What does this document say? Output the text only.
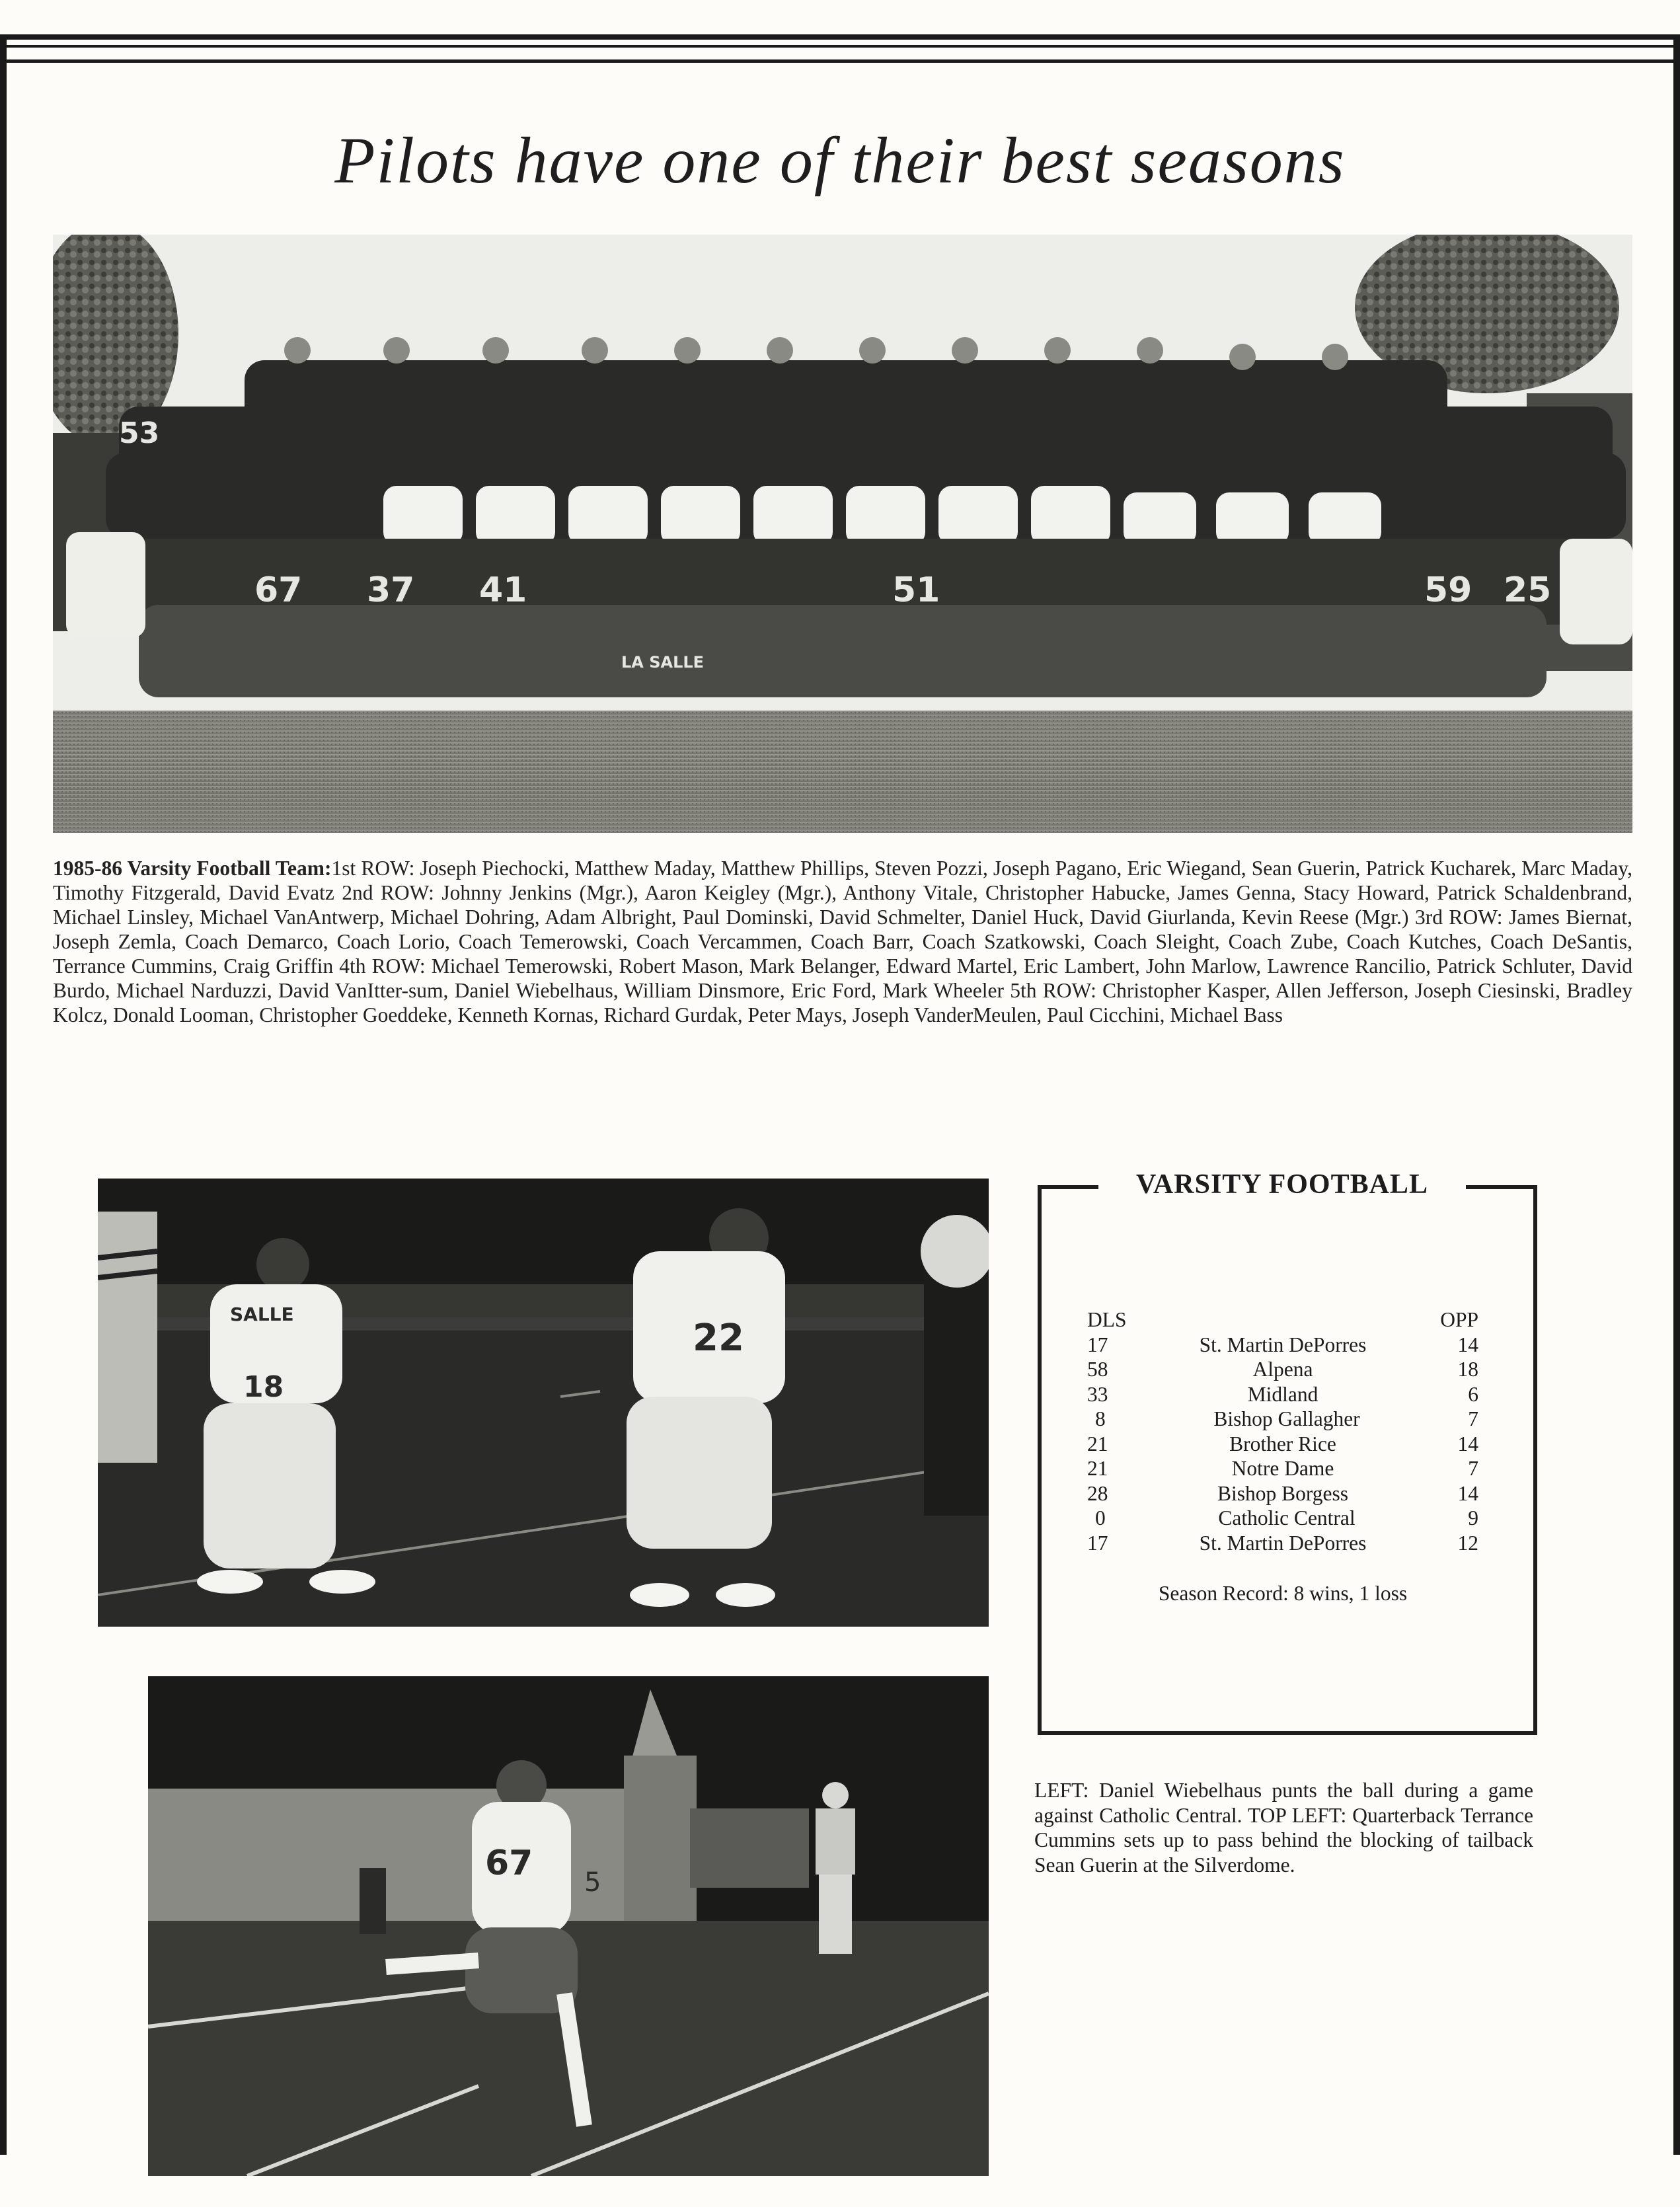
Pilots have one of their best seasons
LA SALLE
53
67 37 41	25
59
51
1985-86 Varsity Football Team:1st ROW: Joseph Piechocki, Matthew Maday, Matthew Phillips, Steven Pozzi, Joseph Pagano, Eric Wiegand, Sean Guerin, Patrick Kucharek, Marc Maday, Timothy Fitzgerald, David Evatz 2nd ROW: Johnny Jenkins (Mgr.), Aaron Keigley (Mgr.), Anthony Vitale, Christopher Habucke, James Genna, Stacy Howard, Patrick Schaldenbrand, Michael Linsley, Michael VanAntwerp, Michael Dohring, Adam Albright, Paul Dominski, David Schmelter, Daniel Huck, David Giurlanda, Kevin Reese (Mgr.) 3rd ROW: James Biernat, Joseph Zemla, Coach Demarco, Coach Lorio, Coach Temerowski, Coach Vercammen, Coach Barr, Coach Szatkowski, Coach Sleight, Coach Zube, Coach Kutches, Coach DeSantis, Terrance Cummins, Craig Griffin 4th ROW: Michael Temerowski, Robert Mason, Mark Belanger, Edward Martel, Eric Lambert, John Marlow, Lawrence Rancilio, Patrick Schluter, David Burdo, Michael Narduzzi, David VanItter-sum, Daniel Wiebelhaus, William Dinsmore, Eric Ford, Mark Wheeler 5th ROW: Christopher Kasper, Allen Jefferson, Joseph Ciesinski, Bradley Kolcz, Donald Looman, Christopher Goeddeke, Kenneth Kornas, Richard Gurdak, Peter Mays, Joseph VanderMeulen, Paul Cicchini, Michael Bass
SALLE
18
22
67 5
VARSITY FOOTBALL
DLS	OPP
17	St. Martin DePorres	14
58	Alpena	18
33	Midland	6
8	Bishop Gallagher	7
21	Brother Rice	14
21	Notre Dame	7
28	Bishop Borgess	14
0	Catholic Central	9
17	St. Martin DePorres	12
Season Record: 8 wins, 1 loss
LEFT: Daniel Wiebelhaus punts the ball during a game against Catholic Central. TOP LEFT: Quarterback Terrance Cummins sets up to pass behind the blocking of tailback Sean Guerin at the Silverdome.
